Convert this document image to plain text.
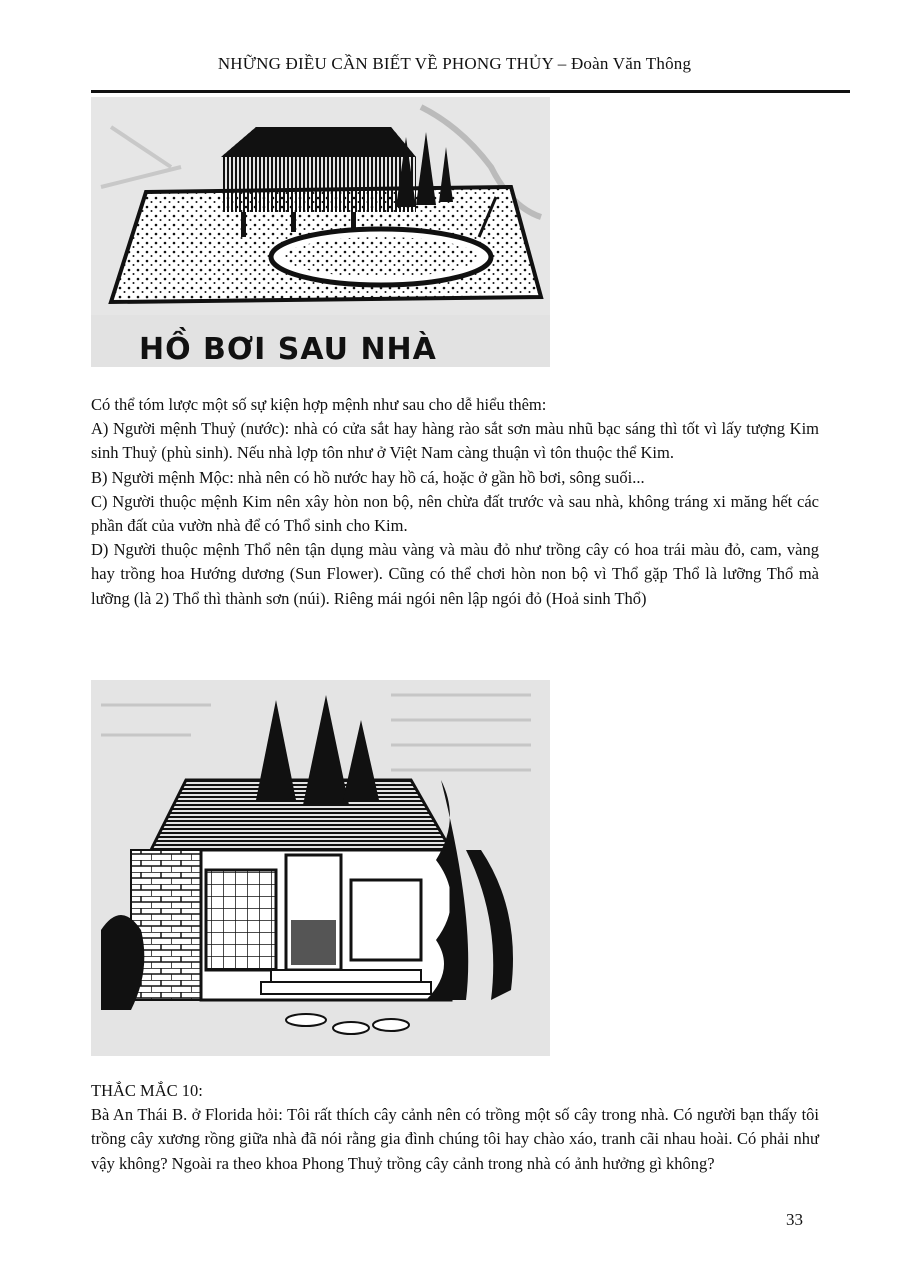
NHỮNG ĐIỀU CẦN BIẾT VỀ PHONG THỦY – Đoàn Văn Thông
HỒ BƠI SAU NHÀ

Có thể tóm lược một số sự kiện hợp mệnh như sau cho dễ hiểu thêm:

A) Người mệnh Thuỷ (nước): nhà có cửa sắt hay hàng rào sắt sơn màu nhũ bạc sáng thì tốt vì lấy tượng Kim sinh Thuỷ (phù sinh). Nếu nhà lợp tôn như ở Việt Nam càng thuận vì tôn thuộc thể Kim.

B) Người mệnh Mộc: nhà nên có hồ nước hay hồ cá, hoặc ở gần hồ bơi, sông suối...

C) Người thuộc mệnh Kim nên xây hòn non bộ, nên chừa đất trước và sau nhà, không tráng xi măng hết các phần đất của vườn nhà để có Thổ sinh cho Kim.

D) Người thuộc mệnh Thổ nên tận dụng màu vàng và màu đỏ như trồng cây có hoa trái màu đỏ, cam, vàng hay trồng hoa Hướng dương (Sun Flower). Cũng có thể chơi hòn non bộ vì Thổ gặp Thổ là lưỡng Thổ mà lưỡng (là 2) Thổ thì thành sơn (núi). Riêng mái ngói nên lập ngói đỏ (Hoả sinh Thổ)

THẮC MẮC 10:

Bà An Thái B. ở Florida hỏi: Tôi rất thích cây cảnh nên có trồng một số cây trong nhà. Có người bạn thấy tôi trồng cây xương rồng giữa nhà đã nói rằng gia đình chúng tôi hay chào xáo, tranh cãi nhau hoài. Có phải như vậy không? Ngoài ra theo khoa Phong Thuỷ trồng cây cảnh trong nhà có ảnh hưởng gì không?

33
